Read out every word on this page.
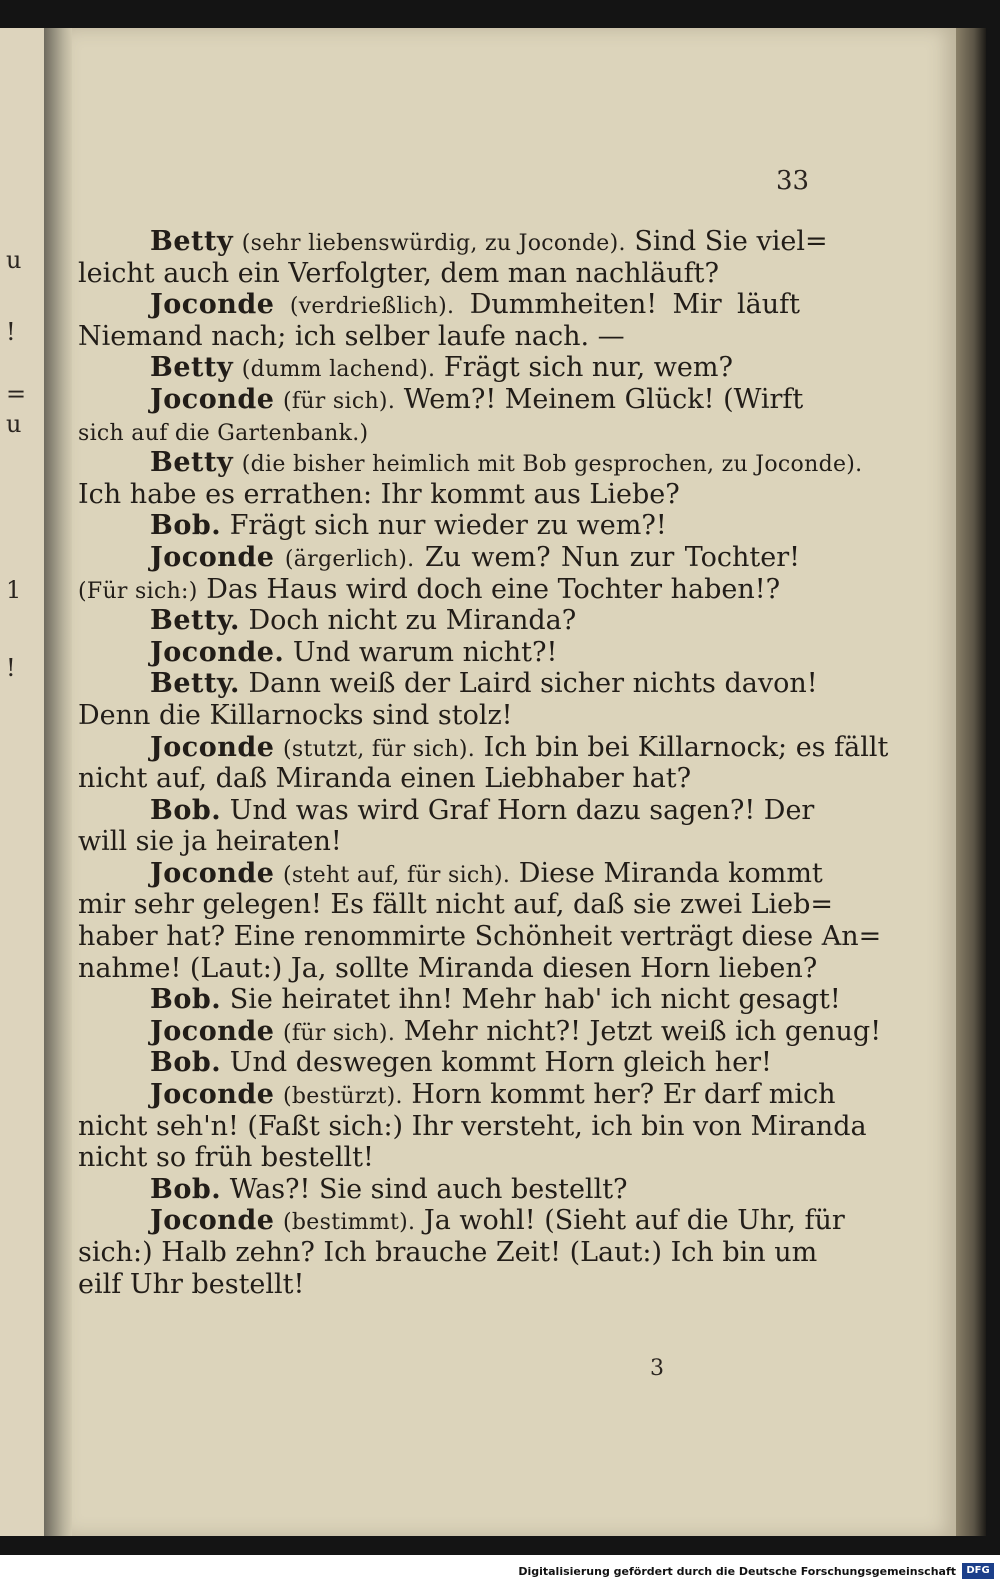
u
!
=
u
1
!
33
Betty (sehr liebenswürdig, zu Joconde). Sind Sie viel=
leicht auch ein Verfolgter, dem man nachläuft?
Joconde (verdrießlich). Dummheiten! Mir läuft
Niemand nach; ich selber laufe nach. —
Betty (dumm lachend). Frägt sich nur, wem?
Joconde (für sich). Wem?! Meinem Glück! (Wirft
sich auf die Gartenbank.)
Betty (die bisher heimlich mit Bob gesprochen, zu Joconde).
Ich habe es errathen: Ihr kommt aus Liebe?
Bob. Frägt sich nur wieder zu wem?!
Joconde (ärgerlich). Zu wem? Nun zur Tochter!
(Für sich:) Das Haus wird doch eine Tochter haben!?
Betty. Doch nicht zu Miranda?
Joconde. Und warum nicht?!
Betty. Dann weiß der Laird sicher nichts davon!
Denn die Killarnocks sind stolz!
Joconde (stutzt, für sich). Ich bin bei Killarnock; es fällt
nicht auf, daß Miranda einen Liebhaber hat?
Bob. Und was wird Graf Horn dazu sagen?! Der
will sie ja heiraten!
Joconde (steht auf, für sich). Diese Miranda kommt
mir sehr gelegen! Es fällt nicht auf, daß sie zwei Lieb=
haber hat? Eine renommirte Schönheit verträgt diese An=
nahme! (Laut:) Ja, sollte Miranda diesen Horn lieben?
Bob. Sie heiratet ihn! Mehr hab' ich nicht gesagt!
Joconde (für sich). Mehr nicht?! Jetzt weiß ich genug!
Bob. Und deswegen kommt Horn gleich her!
Joconde (bestürzt). Horn kommt her? Er darf mich
nicht seh'n! (Faßt sich:) Ihr versteht, ich bin von Miranda
nicht so früh bestellt!
Bob. Was?! Sie sind auch bestellt?
Joconde (bestimmt). Ja wohl! (Sieht auf die Uhr, für
sich:) Halb zehn? Ich brauche Zeit! (Laut:) Ich bin um
eilf Uhr bestellt!
3
Digitalisierung gefördert durch die Deutsche Forschungsgemeinschaft	DFG
